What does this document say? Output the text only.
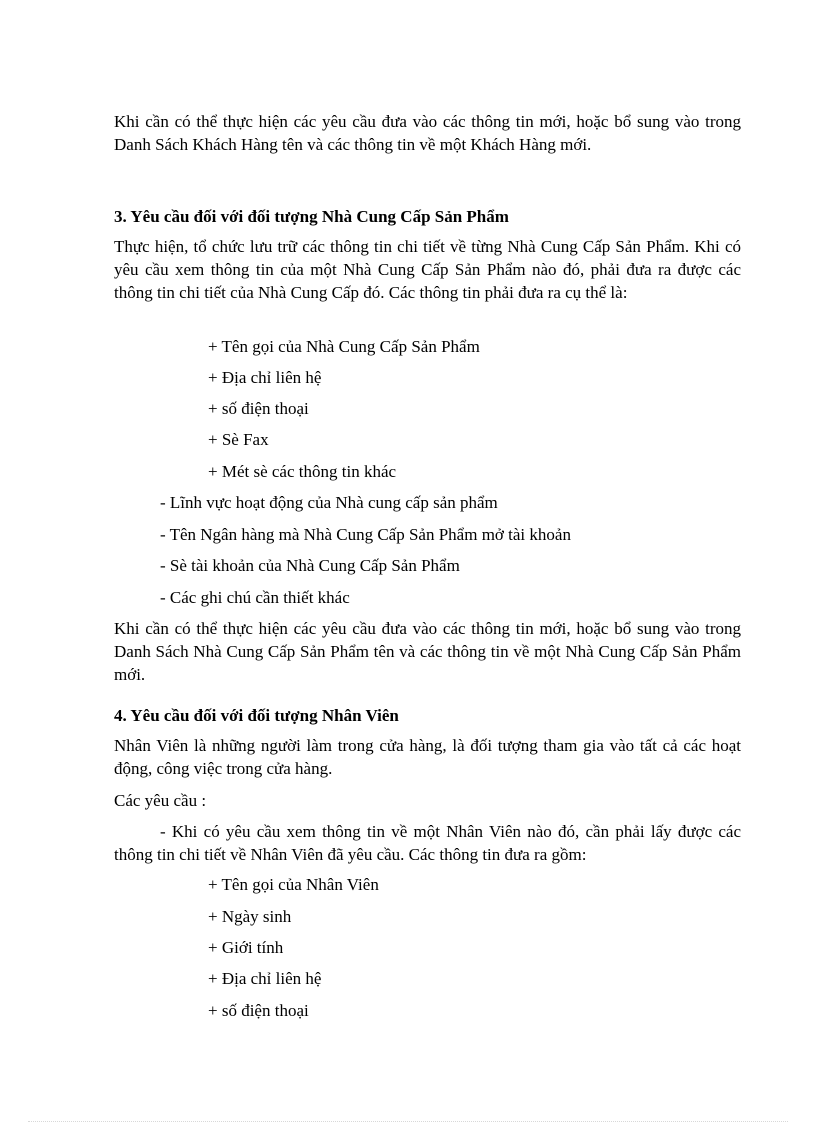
Khi cần có thể thực hiện các yêu cầu đưa vào các thông tin mới, hoặc bổ sung vào trong Danh Sách Khách Hàng tên và các thông tin về một Khách Hàng mới.

3. Yêu cầu đối với đối tượng Nhà Cung Cấp Sản Phẩm

Thực hiện, tổ chức lưu trữ các thông tin chi tiết về từng Nhà Cung Cấp Sản Phẩm. Khi có yêu cầu xem thông tin của một Nhà Cung Cấp Sản Phẩm nào đó, phải đưa ra được các thông tin chi tiết của Nhà Cung Cấp đó. Các thông tin phải đưa ra cụ thể là:

+ Tên gọi của Nhà Cung Cấp Sản Phẩm

+ Địa chỉ liên hệ

+ số điện thoại

+ Sè Fax

+ Mét sè các thông tin khác

- Lĩnh vực hoạt động của Nhà cung cấp sản phẩm

- Tên Ngân hàng mà Nhà Cung Cấp Sản Phẩm mở tài khoản

- Sè tài khoản của Nhà Cung Cấp Sản Phẩm

- Các ghi chú cần thiết khác

Khi cần có thể thực hiện các yêu cầu đưa vào các thông tin mới, hoặc bổ sung vào trong Danh Sách Nhà Cung Cấp Sản Phẩm tên và các thông tin về một Nhà Cung Cấp Sản Phẩm mới.

4. Yêu cầu đối với đối tượng Nhân Viên

Nhân Viên là những người làm trong cửa hàng, là đối tượng tham gia vào tất cả các hoạt động, công việc trong cửa hàng.

Các yêu cầu :

- Khi có yêu cầu xem thông tin về một Nhân Viên nào đó, cần phải lấy được các thông tin chi tiết về Nhân Viên đã yêu cầu. Các thông tin đưa ra gồm:

+ Tên gọi của Nhân Viên

+ Ngày sinh

+ Giới tính

+ Địa chỉ liên hệ

+ số điện thoại
